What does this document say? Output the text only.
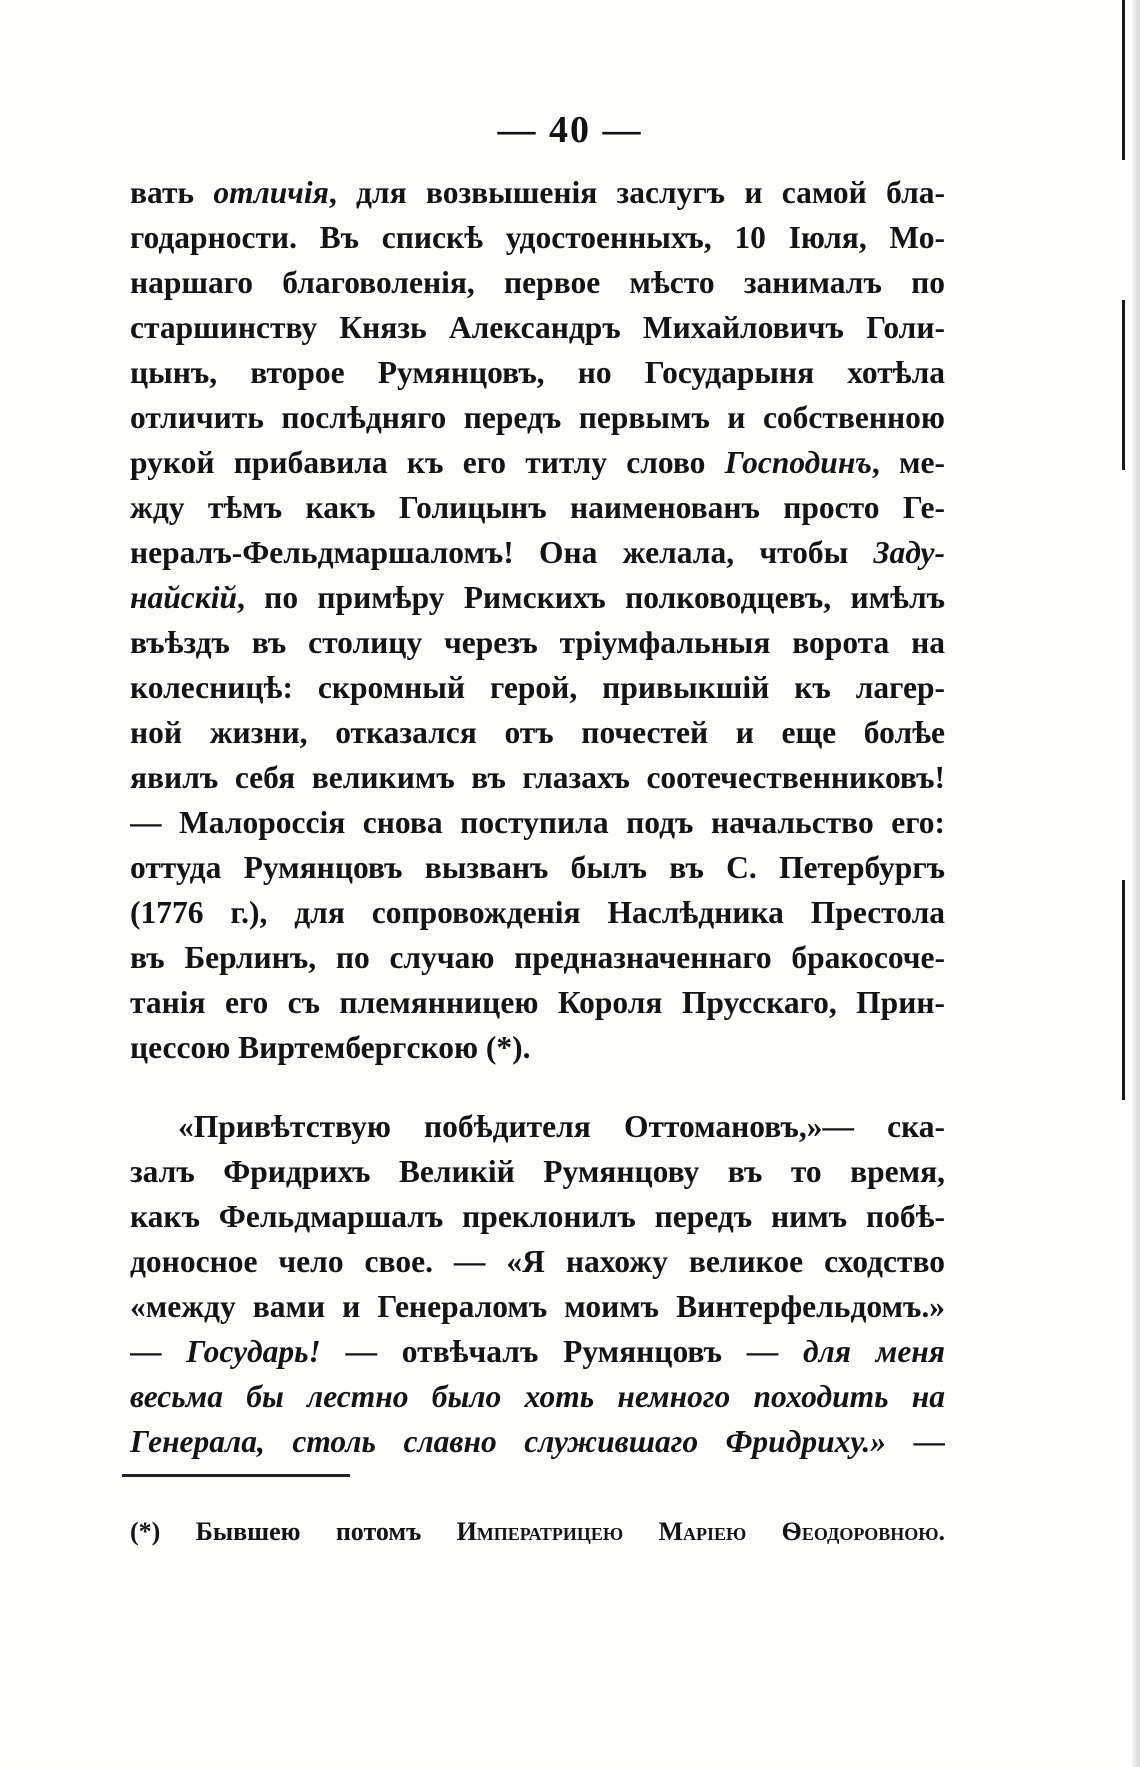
— 40 —
вать отличія, для возвышенія заслугъ и самой бла-
годарности. Въ спискѣ удостоенныхъ, 10 Іюля, Мо-
наршаго благоволенія, первое мѣсто занималъ по
старшинству Князь Александръ Михайловичъ Голи-
цынъ, второе Румянцовъ, но Государыня хотѣла
отличить послѣдняго передъ первымъ и собственною
рукой прибавила къ его титлу слово Господинъ, ме-
жду тѣмъ какъ Голицынъ наименованъ просто Ге-
нералъ-Фельдмаршаломъ! Она желала, чтобы Заду-
найскій, по примѣру Римскихъ полководцевъ, имѣлъ
въѣздъ въ столицу черезъ тріумфальныя ворота на
колесницѣ: скромный герой, привыкшій къ лагер-
ной жизни, отказался отъ почестей и еще болѣе
явилъ себя великимъ въ глазахъ соотечественниковъ!
— Малороссія снова поступила подъ начальство его:
оттуда Румянцовъ вызванъ былъ въ С. Петербургъ
(1776 г.), для сопровожденія Наслѣдника Престола
въ Берлинъ, по случаю предназначеннаго бракосоче-
танія его съ племянницею Короля Прусскаго, Прин-
цессою Виртембергскою (*).
«Привѣтствую побѣдителя Оттомановъ,»— ска-
залъ Фридрихъ Великій Румянцову въ то время,
какъ Фельдмаршалъ преклонилъ передъ нимъ побѣ-
доносное чело свое. — «Я нахожу великое сходство
«между вами и Генераломъ моимъ Винтерфельдомъ.»
— Государь! — отвѣчалъ Румянцовъ — для меня
весьма бы лестно было хоть немного походить на
Генерала, столь славно служившаго Фридриху.» —
(*) Бывшею потомъ Императрицею Маріею Ѳеодоровною.
